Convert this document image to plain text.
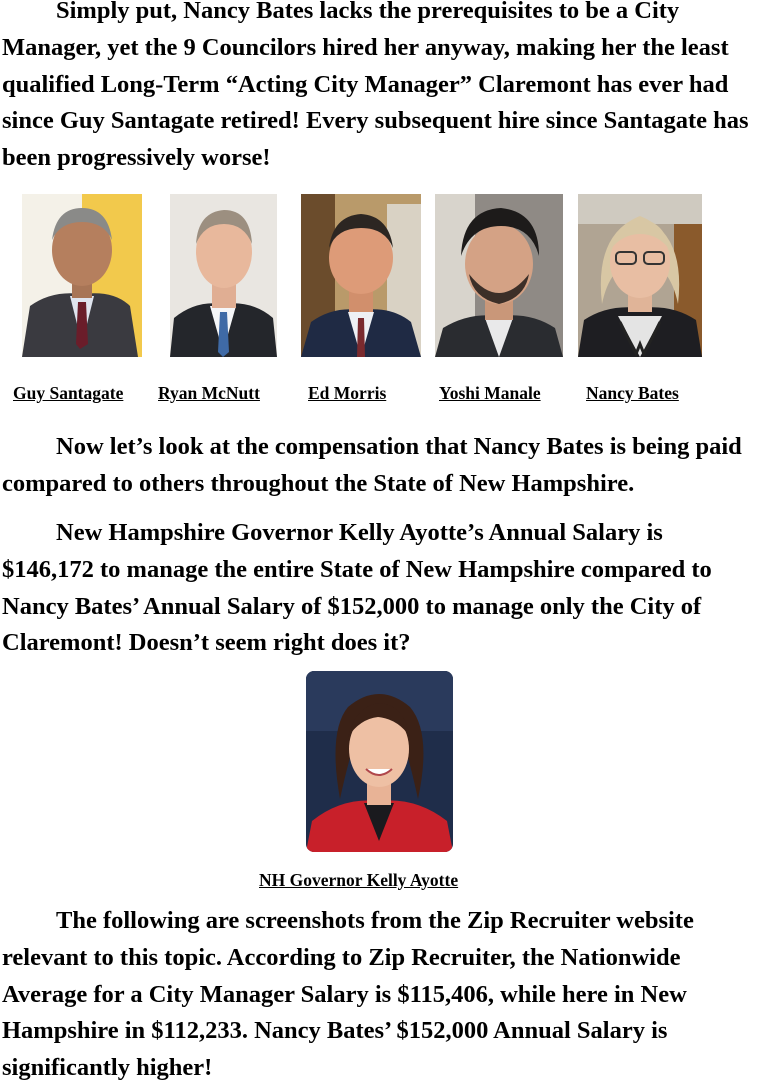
Simply put, Nancy Bates lacks the prerequisites to be a City Manager, yet the 9 Councilors hired her anyway, making her the least qualified Long-Term “Acting City Manager” Claremont has ever had since Guy Santagate retired! Every subsequent hire since Santagate has been progressively worse!

Guy Santagate Ryan McNutt	Ed Morris	Yoshi Manale	Nancy Bates

Now let’s look at the compensation that Nancy Bates is being paid compared to others throughout the State of New Hampshire.

New Hampshire Governor Kelly Ayotte’s Annual Salary is $146,172 to manage the entire State of New Hampshire compared to Nancy Bates’ Annual Salary of $152,000 to manage only the City of Claremont! Doesn’t seem right does it?

NH Governor Kelly Ayotte

The following are screenshots from the Zip Recruiter website relevant to this topic. According to Zip Recruiter, the Nationwide Average for a City Manager Salary is $115,406, while here in New Hampshire in $112,233. Nancy Bates’ $152,000 Annual Salary is significantly higher!
